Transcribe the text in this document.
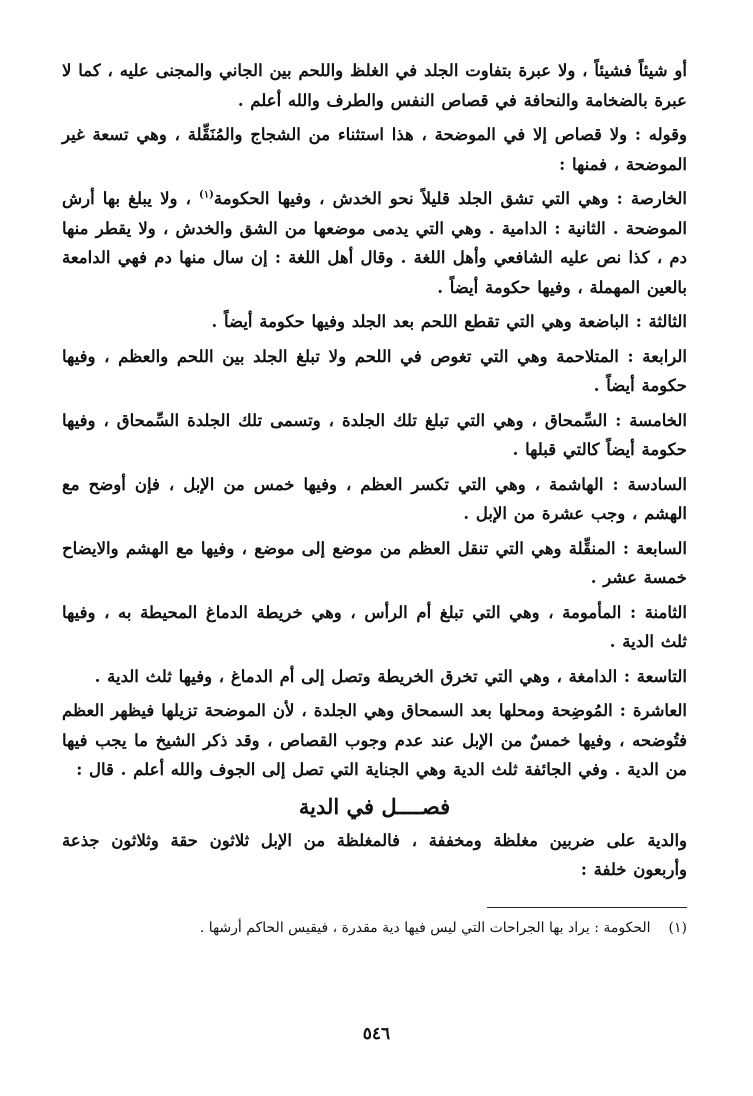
أو شيئاً فشيئاً ، ولا عبرة بتفاوت الجلد في الغلظ واللحم بين الجاني والمجنى عليه ، كما لا عبرة بالضخامة والنحافة في قصاص النفس والطرف والله أعلم .

وقوله : ولا قصاص إلا في الموضحة ، هذا استثناء من الشجاج والمُنَقِّلة ، وهي تسعة غير الموضحة ، فمنها :

الخارصة : وهي التي تشق الجلد قليلاً نحو الخدش ، وفيها الحكومة$^{(١)}$ ، ولا يبلغ بها أرش الموضحة . الثانية : الدامية . وهي التي يدمى موضعها من الشق والخدش ، ولا يقطر منها دم ، كذا نص عليه الشافعي وأهل اللغة . وقال أهل اللغة : إن سال منها دم فهي الدامعة بالعين المهملة ، وفيها حكومة أيضاً .

الثالثة : الباضعة وهي التي تقطع اللحم بعد الجلد وفيها حكومة أيضاً .

الرابعة : المتلاحمة وهي التي تغوص في اللحم ولا تبلغ الجلد بين اللحم والعظم ، وفيها حكومة أيضاً .

الخامسة : السِّمحاق ، وهي التي تبلغ تلك الجلدة ، وتسمى تلك الجلدة السِّمحاق ، وفيها حكومة أيضاً كالتي قبلها .

السادسة : الهاشمة ، وهي التي تكسر العظم ، وفيها خمس من الإبل ، فإن أوضح مع الهشم ، وجب عشرة من الإبل .

السابعة : المنقِّلة وهي التي تنقل العظم من موضع إلى موضع ، وفيها مع الهشم والايضاح خمسة عشر .

الثامنة : المأمومة ، وهي التي تبلغ أم الرأس ، وهي خريطة الدماغ المحيطة به ، وفيها ثلث الدية .

التاسعة : الدامغة ، وهي التي تخرق الخريطة وتصل إلى أم الدماغ ، وفيها ثلث الدية .

العاشرة : المُوضِحة ومحلها بعد السمحاق وهي الجلدة ، لأن الموضحة تزيلها فيظهر العظم فتُوضحه ، وفيها خمسٌ من الإبل عند عدم وجوب القصاص ، وقد ذكر الشيخ ما يجب فيها من الدية . وفي الجائفة ثلث الدية وهي الجناية التي تصل إلى الجوف والله أعلم . قال :

فصــــل في الدية

والدية على ضربين مغلظة ومخففة ، فالمغلظة من الإبل ثلاثون حقة وثلاثون جذعة وأربعون خلفة :

(١)الحكومة : يراد بها الجراحات التي ليس فيها دية مقدرة ، فيقيس الحاكم أرشها .
٥٤٦
